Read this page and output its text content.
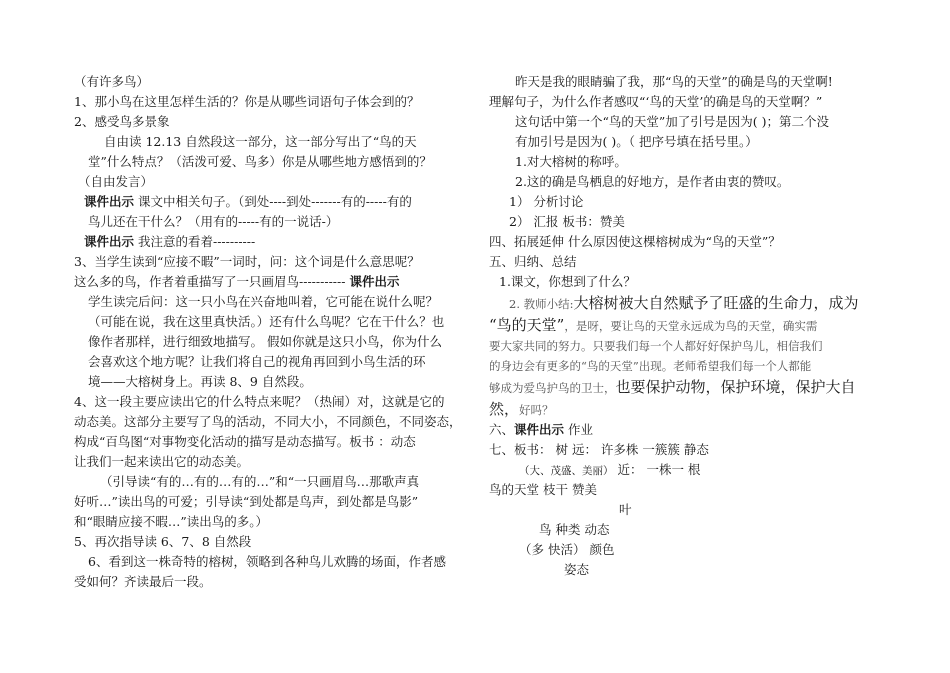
（有许多鸟）
1、那小鸟在这里怎样生活的？你是从哪些词语句子体会到的？
2、感受鸟多景象
自由读 12.13 自然段这一部分，这一部分写出了“鸟的天
堂”什么特点？（活泼可爱、鸟多）你是从哪些地方感悟到的？
（自由发言）
课件出示 课文中相关句子。（到处----到处-------有的-----有的
鸟儿还在干什么？（用有的-----有的一说话-）
课件出示 我注意的看着----------
3、当学生读到“应接不暇”一词时，问：这个词是什么意思呢？
这么多的鸟，作者着重描写了一只画眉鸟----------- 课件出示
学生读完后问：这一只小鸟在兴奋地叫着，它可能在说什么呢？
（可能在说，我在这里真快活。）还有什么鸟呢？它在干什么？也
像作者那样，进行细致地描写。 假如你就是这只小鸟，你为什么
会喜欢这个地方呢？让我们将自己的视角再回到小鸟生活的环
境——大榕树身上。再读 8、9 自然段。
4、这一段主要应读出它的什么特点来呢？（热闹）对，这就是它的
动态美。这部分主要写了鸟的活动，不同大小，不同颜色，不同姿态，
构成“百鸟图“对事物变化活动的描写是动态描写。板书 ：动态
让我们一起来读出它的动态美。
（引导读“有的…有的…有的…”和“一只画眉鸟…那歌声真
好听…”读出鸟的可爱；引导读“到处都是鸟声，到处都是鸟影”
和“眼睛应接不暇…”读出鸟的多。）
5、再次指导读 6、7、8 自然段
6、看到这一株奇特的榕树，领略到各种鸟儿欢腾的场面，作者感
受如何？齐读最后一段。
昨天是我的眼睛骗了我，那“鸟的天堂”的确是鸟的天堂啊!
理解句子，为什么作者感叹“‘鸟的天堂’的确是鸟的天堂啊？”
这句话中第一个“鸟的天堂”加了引号是因为( )；第二个没
有加引号是因为( )。（ 把序号填在括号里。）
1.对大榕树的称呼。
2.这的确是鸟栖息的好地方，是作者由衷的赞叹。
1） 分析讨论
2） 汇报 板书：赞美
四、拓展延伸 什么原因使这棵榕树成为“鸟的天堂”？
五、归纳、总结
1.课文，你想到了什么？
2. 教师小结:大榕树被大自然赋予了旺盛的生命力，成为
“鸟的天堂”，是呀，要让鸟的天堂永远成为鸟的天堂，确实需
要大家共同的努力。只要我们每一个人都好好保护鸟儿，相信我们
的身边会有更多的“鸟的天堂”出现。老师希望我们每一个人都能
够成为爱鸟护鸟的卫士，也要保护动物，保护环境，保护大自
然，好吗？
六、课件出示 作业
七、板书： 树 远： 许多株 一簇簇 静态
（大、茂盛、美丽） 近： 一株一 根
鸟的天堂 枝干 赞美
叶
鸟 种类 动态
（多 快活） 颜色
姿态
